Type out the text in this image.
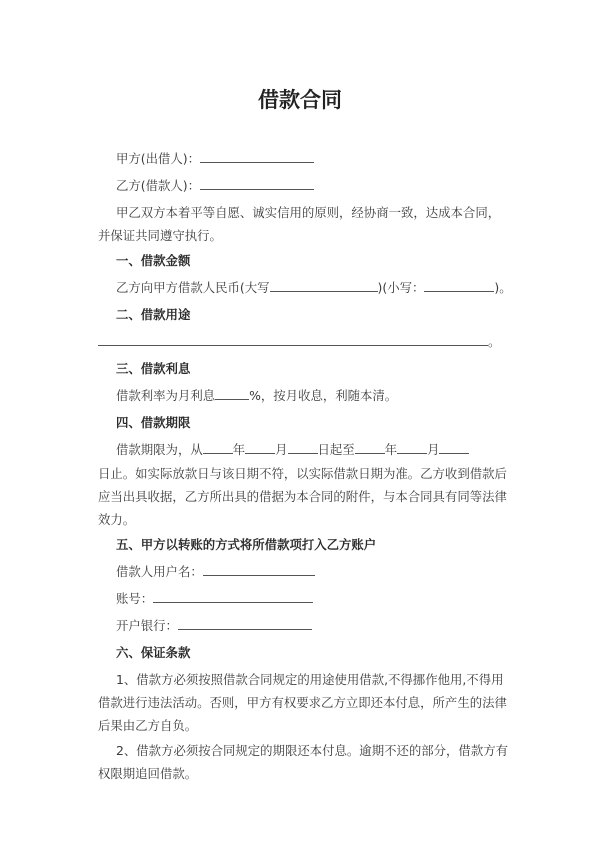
借款合同
甲方(出借人)：
乙方(借款人)：
甲乙双方本着平等自愿、诚实信用的原则，经协商一致，达成本合同，并保证共同遵守执行。
一、借款金额
乙方向甲方借款人民币(大写	)(小写：	)。
二、借款用途
。
三、借款利息
借款利率为月利息	%，按月收息，利随本清。
四、借款期限
借款期限为，从 年 月 日起至 年 月
日止。如实际放款日与该日期不符，以实际借款日期为准。乙方收到借款后应当出具收据，乙方所出具的借据为本合同的附件，与本合同具有同等法律效力。
五、甲方以转账的方式将所借款项打入乙方账户
借款人用户名：
账号：
开户银行：
六、保证条款
1、借款方必须按照借款合同规定的用途使用借款,不得挪作他用,不得用借款进行违法活动。否则，甲方有权要求乙方立即还本付息，所产生的法律后果由乙方自负。
2、借款方必须按合同规定的期限还本付息。逾期不还的部分，借款方有权限期追回借款。
